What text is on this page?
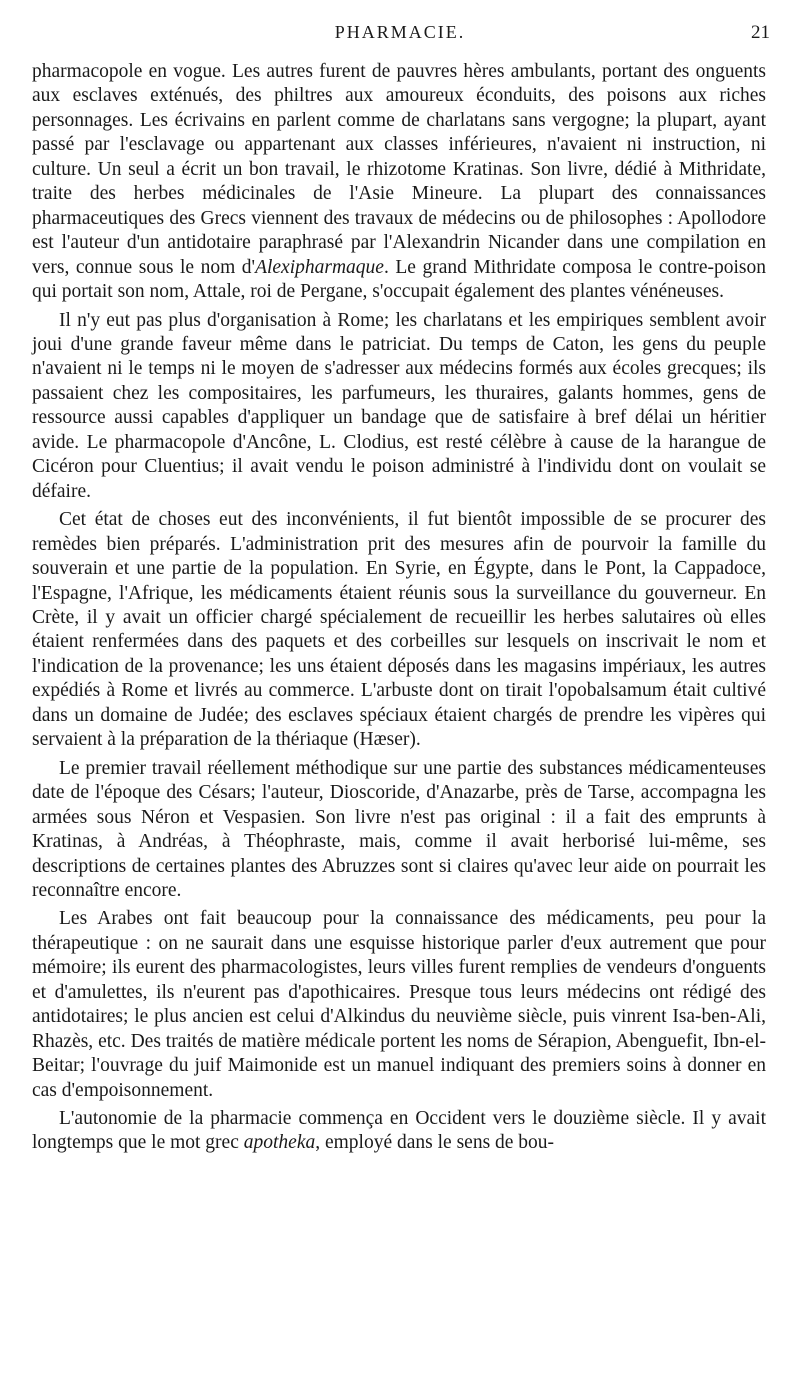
PHARMACIE.	21

pharmacopole en vogue. Les autres furent de pauvres hères ambulants, portant des onguents aux esclaves exténués, des philtres aux amoureux éconduits, des poisons aux riches personnages. Les écrivains en parlent comme de charlatans sans vergogne; la plupart, ayant passé par l'esclavage ou appartenant aux classes inférieures, n'avaient ni instruction, ni culture. Un seul a écrit un bon travail, le rhizotome Kratinas. Son livre, dédié à Mithridate, traite des herbes médicinales de l'Asie Mineure. La plupart des connaissances pharmaceutiques des Grecs viennent des travaux de médecins ou de philosophes : Apollodore est l'auteur d'un antidotaire paraphrasé par l'Alexandrin Nicander dans une compilation en vers, connue sous le nom d'Alexipharmaque. Le grand Mithridate composa le contre-poison qui portait son nom, Attale, roi de Pergane, s'occupait également des plantes vénéneuses.

Il n'y eut pas plus d'organisation à Rome; les charlatans et les empiriques semblent avoir joui d'une grande faveur même dans le patriciat. Du temps de Caton, les gens du peuple n'avaient ni le temps ni le moyen de s'adresser aux médecins formés aux écoles grecques; ils passaient chez les compositaires, les parfumeurs, les thuraires, galants hommes, gens de ressource aussi capables d'appliquer un bandage que de satisfaire à bref délai un héritier avide. Le pharmacopole d'Ancône, L. Clodius, est resté célèbre à cause de la harangue de Cicéron pour Cluentius; il avait vendu le poison administré à l'individu dont on voulait se défaire.

Cet état de choses eut des inconvénients, il fut bientôt impossible de se procurer des remèdes bien préparés. L'administration prit des mesures afin de pourvoir la famille du souverain et une partie de la population. En Syrie, en Égypte, dans le Pont, la Cappadoce, l'Espagne, l'Afrique, les médicaments étaient réunis sous la surveillance du gouverneur. En Crète, il y avait un officier chargé spécialement de recueillir les herbes salutaires où elles étaient renfermées dans des paquets et des corbeilles sur lesquels on inscrivait le nom et l'indication de la provenance; les uns étaient déposés dans les magasins impériaux, les autres expédiés à Rome et livrés au commerce. L'arbuste dont on tirait l'opobalsamum était cultivé dans un domaine de Judée; des esclaves spéciaux étaient chargés de prendre les vipères qui servaient à la préparation de la thériaque (Hæser).

Le premier travail réellement méthodique sur une partie des substances médicamenteuses date de l'époque des Césars; l'auteur, Dioscoride, d'Anazarbe, près de Tarse, accompagna les armées sous Néron et Vespasien. Son livre n'est pas original : il a fait des emprunts à Kratinas, à Andréas, à Théophraste, mais, comme il avait herborisé lui-même, ses descriptions de certaines plantes des Abruzzes sont si claires qu'avec leur aide on pourrait les reconnaître encore.

Les Arabes ont fait beaucoup pour la connaissance des médicaments, peu pour la thérapeutique : on ne saurait dans une esquisse historique parler d'eux autrement que pour mémoire; ils eurent des pharmacologistes, leurs villes furent remplies de vendeurs d'onguents et d'amulettes, ils n'eurent pas d'apothicaires. Presque tous leurs médecins ont rédigé des antidotaires; le plus ancien est celui d'Alkindus du neuvième siècle, puis vinrent Isa-ben-Ali, Rhazès, etc. Des traités de matière médicale portent les noms de Sérapion, Abenguefit, Ibn-el-Beitar; l'ouvrage du juif Maimonide est un manuel indiquant des premiers soins à donner en cas d'empoisonnement.

L'autonomie de la pharmacie commença en Occident vers le douzième siècle. Il y avait longtemps que le mot grec apotheka, employé dans le sens de bou-
